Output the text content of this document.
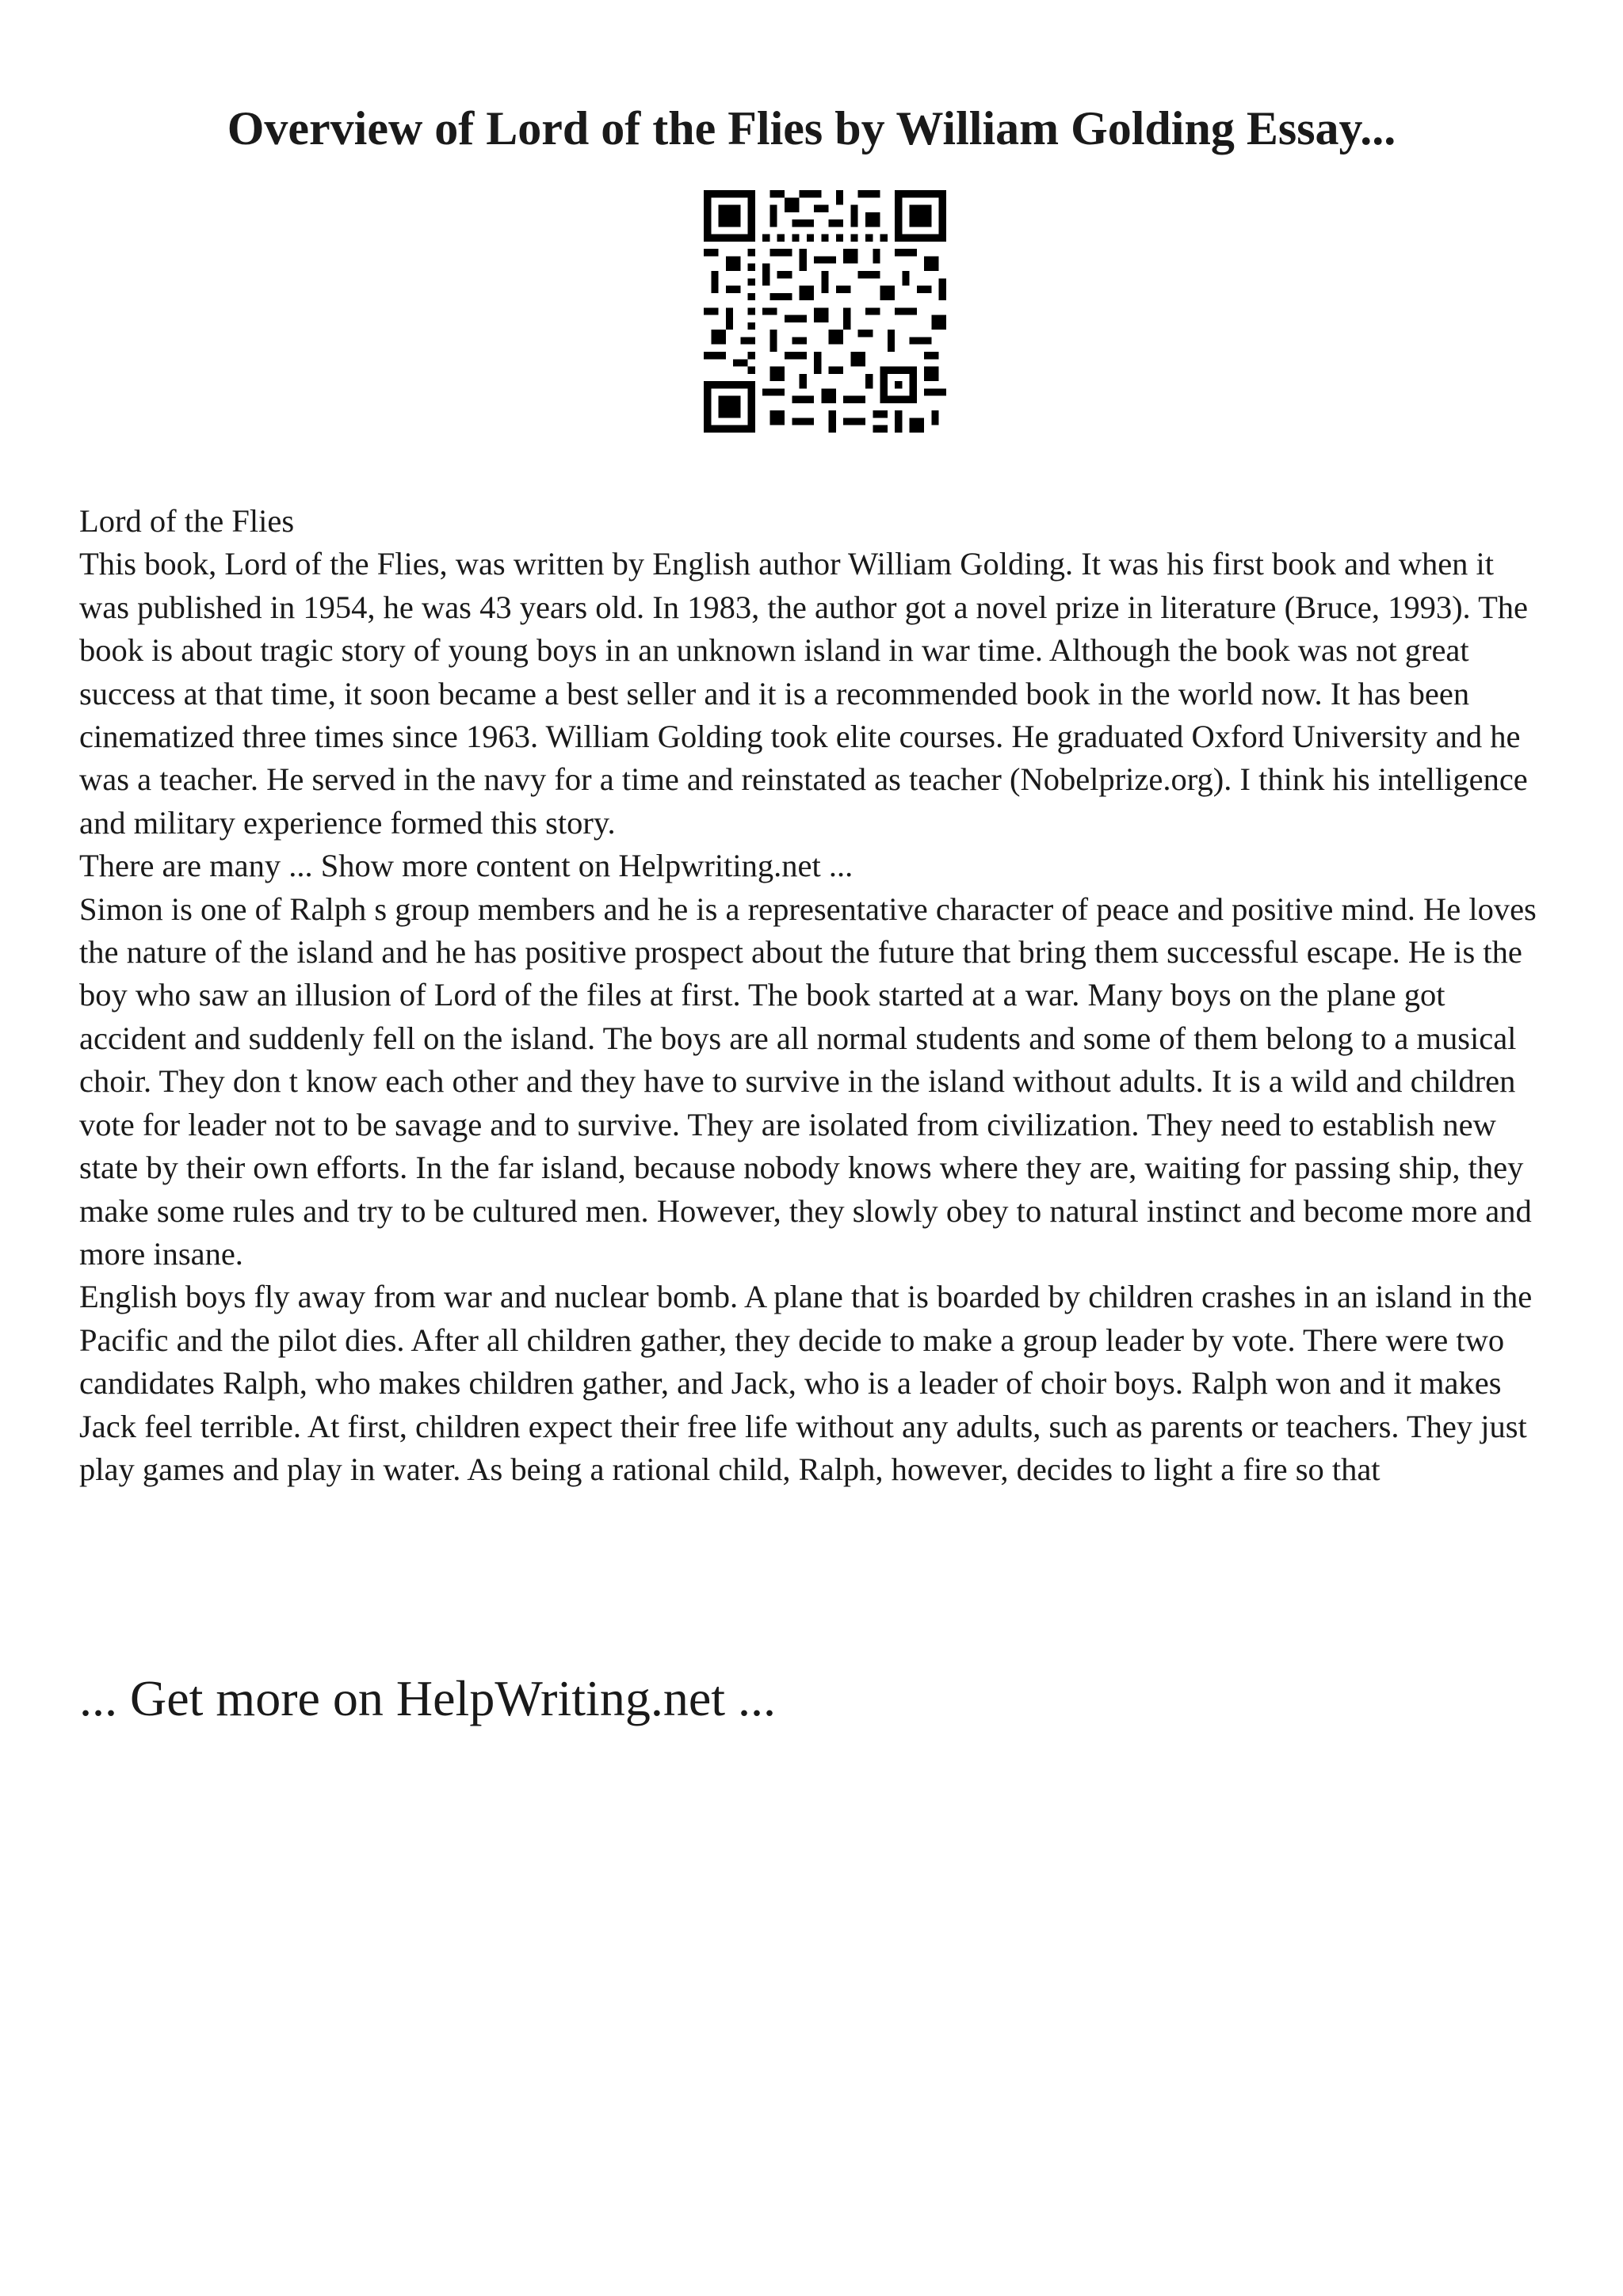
Overview of Lord of the Flies by William Golding Essay...

Lord of the Flies

This book, Lord of the Flies, was written by English author William Golding. It was his first book and when it was published in 1954, he was 43 years old. In 1983, the author got a novel prize in literature (Bruce, 1993). The book is about tragic story of young boys in an unknown island in war time. Although the book was not great success at that time, it soon became a best seller and it is a recommended book in the world now. It has been cinematized three times since 1963. William Golding took elite courses. He graduated Oxford University and he was a teacher. He served in the navy for a time and reinstated as teacher (Nobelprize.org). I think his intelligence and military experience formed this story.

There are many ... Show more content on Helpwriting.net ...

Simon is one of Ralph s group members and he is a representative character of peace and positive mind. He loves the nature of the island and he has positive prospect about the future that bring them successful escape. He is the boy who saw an illusion of Lord of the files at first. The book started at a war. Many boys on the plane got accident and suddenly fell on the island. The boys are all normal students and some of them belong to a musical choir. They don t know each other and they have to survive in the island without adults. It is a wild and children vote for leader not to be savage and to survive. They are isolated from civilization. They need to establish new state by their own efforts. In the far island, because nobody knows where they are, waiting for passing ship, they make some rules and try to be cultured men. However, they slowly obey to natural instinct and become more and more insane.

English boys fly away from war and nuclear bomb. A plane that is boarded by children crashes in an island in the Pacific and the pilot dies. After all children gather, they decide to make a group leader by vote. There were two candidates Ralph, who makes children gather, and Jack, who is a leader of choir boys. Ralph won and it makes Jack feel terrible. At first, children expect their free life without any adults, such as parents or teachers. They just play games and play in water. As being a rational child, Ralph, however, decides to light a fire so that

... Get more on HelpWriting.net ...
